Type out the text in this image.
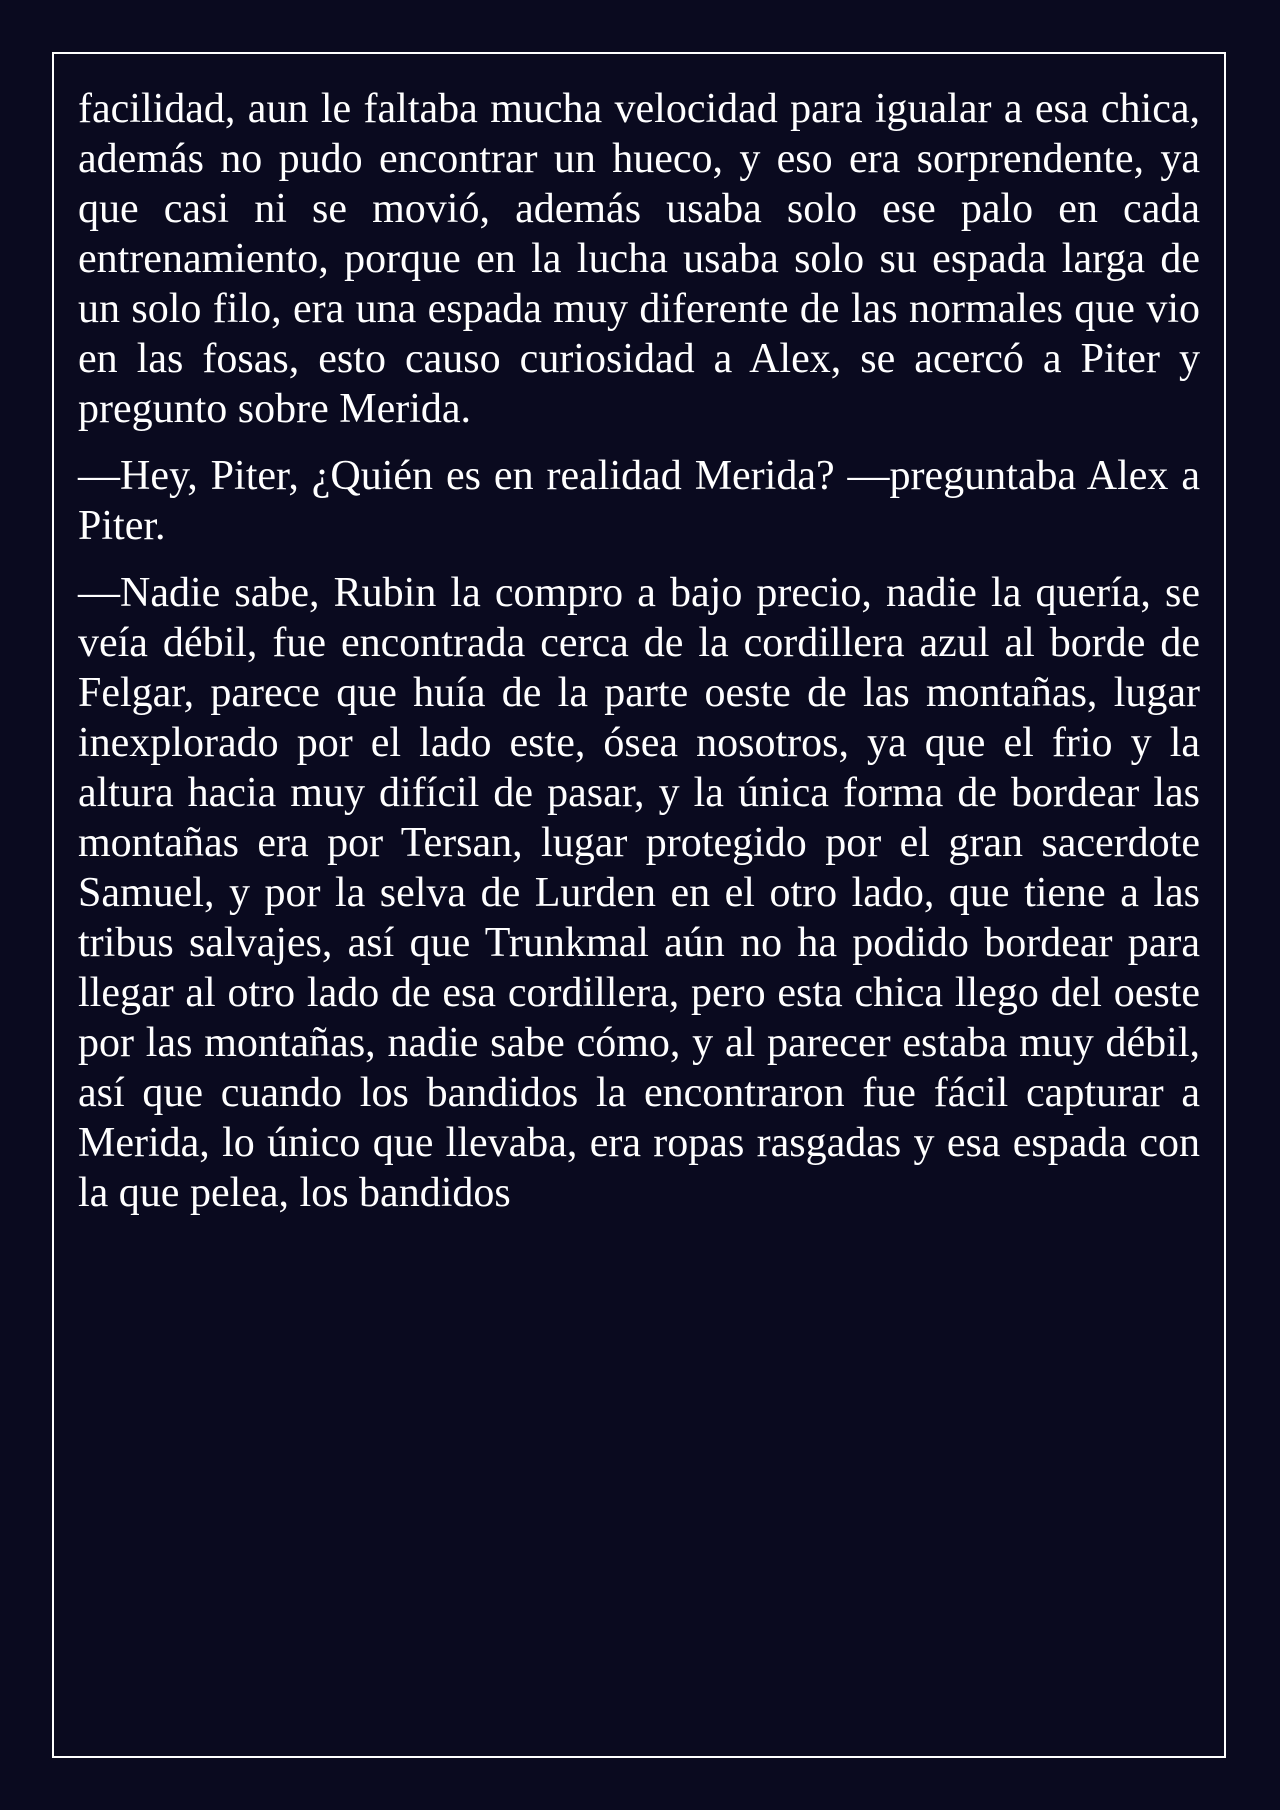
facilidad, aun le faltaba mucha velocidad para igualar a esa chica, además no pudo encontrar un hueco, y eso era sorprendente, ya que casi ni se movió, además usaba solo ese palo en cada entrenamiento, porque en la lucha usaba solo su espada larga de un solo filo, era una espada muy diferente de las normales que vio en las fosas, esto causo curiosidad a Alex, se acercó a Piter y pregunto sobre Merida.

—Hey, Piter, ¿Quién es en realidad Merida? —preguntaba Alex a Piter.

—Nadie sabe, Rubin la compro a bajo precio, nadie la quería, se veía débil, fue encontrada cerca de la cordillera azul al borde de Felgar, parece que huía de la parte oeste de las montañas, lugar inexplorado por el lado este, ósea nosotros, ya que el frio y la altura hacia muy difícil de pasar, y la única forma de bordear las montañas era por Tersan, lugar protegido por el gran sacerdote Samuel, y por la selva de Lurden en el otro lado, que tiene a las tribus salvajes, así que Trunkmal aún no ha podido bordear para llegar al otro lado de esa cordillera, pero esta chica llego del oeste por las montañas, nadie sabe cómo, y al parecer estaba muy débil, así que cuando los bandidos la encontraron fue fácil capturar a Merida, lo único que llevaba, era ropas rasgadas y esa espada con la que pelea, los bandidos
